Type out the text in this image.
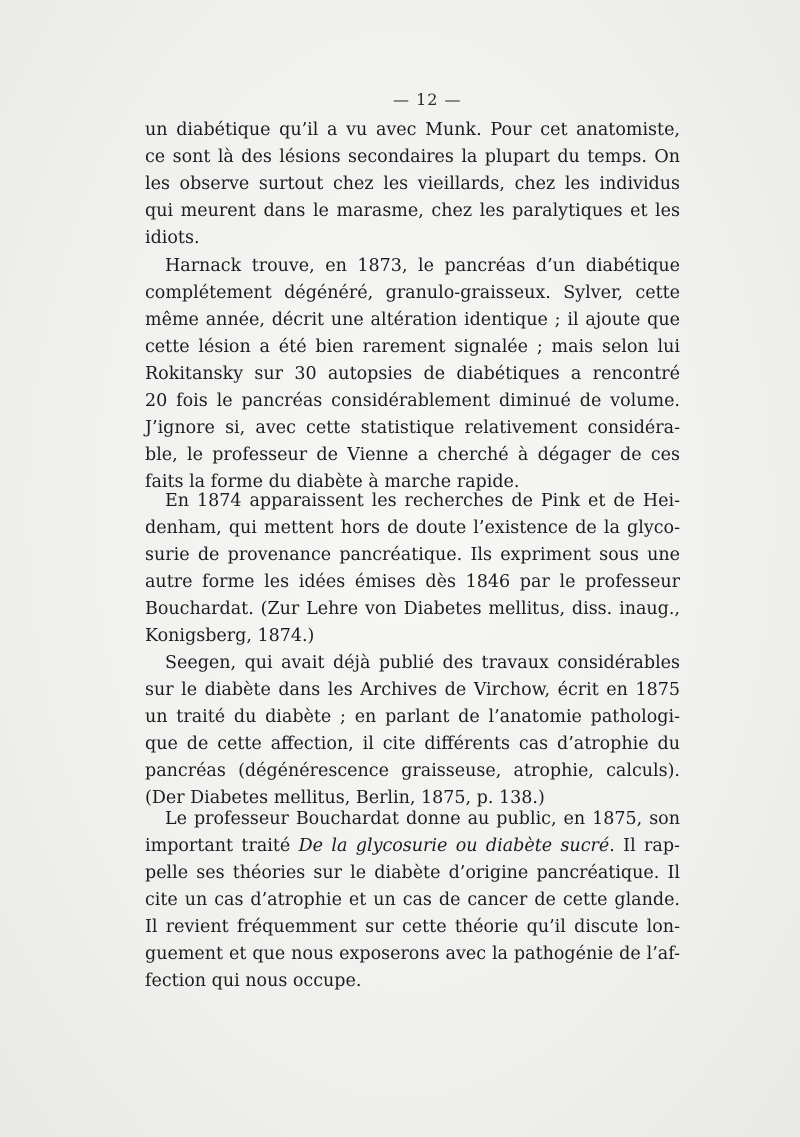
— 12 —
un diabétique qu’il a vu avec Munk. Pour cet anatomiste,
ce sont là des lésions secondaires la plupart du temps. On
les observe surtout chez les vieillards, chez les individus
qui meurent dans le marasme, chez les paralytiques et les
idiots.
Harnack trouve, en 1873, le pancréas d’un diabétique
complétement dégénéré, granulo-graisseux. Sylver, cette
même année, décrit une altération identique ; il ajoute que
cette lésion a été bien rarement signalée ; mais selon lui
Rokitansky sur 30 autopsies de diabétiques a rencontré
20 fois le pancréas considérablement diminué de volume.
J’ignore si, avec cette statistique relativement considéra-
ble, le professeur de Vienne a cherché à dégager de ces
faits la forme du diabète à marche rapide.
En 1874 apparaissent les recherches de Pink et de Hei-
denham, qui mettent hors de doute l’existence de la glyco-
surie de provenance pancréatique. Ils expriment sous une
autre forme les idées émises dès 1846 par le professeur
Bouchardat. (Zur Lehre von Diabetes mellitus, diss. inaug.,
Konigsberg, 1874.)
Seegen, qui avait déjà publié des travaux considérables
sur le diabète dans les Archives de Virchow, écrit en 1875
un traité du diabète ; en parlant de l’anatomie pathologi-
que de cette affection, il cite différents cas d’atrophie du
pancréas (dégénérescence graisseuse, atrophie, calculs).
(Der Diabetes mellitus, Berlin, 1875, p. 138.)
Le professeur Bouchardat donne au public, en 1875, son
important traité De la glycosurie ou diabète sucré. Il rap-
pelle ses théories sur le diabète d’origine pancréatique. Il
cite un cas d’atrophie et un cas de cancer de cette glande.
Il revient fréquemment sur cette théorie qu’il discute lon-
guement et que nous exposerons avec la pathogénie de l’af-
fection qui nous occupe.
